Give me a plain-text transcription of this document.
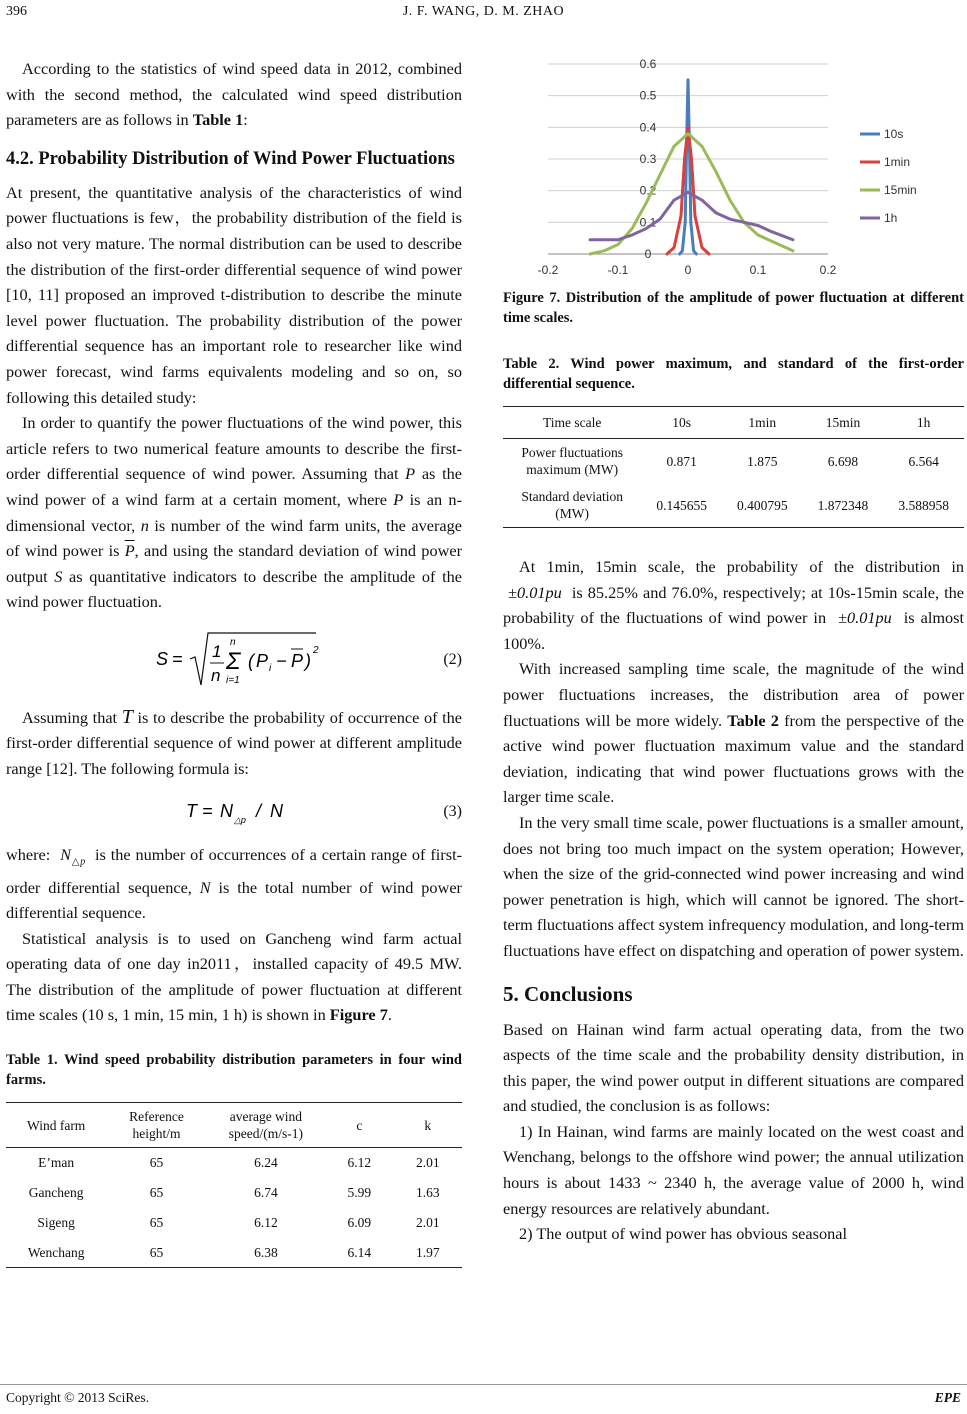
396	J. F. WANG, D. M. ZHAO

According to the statistics of wind speed data in 2012, combined with the second method, the calculated wind speed distribution parameters are as follows in Table 1:

4.2. Probability Distribution of Wind Power Fluctuations

At present, the quantitative analysis of the characteristics of wind power fluctuations is few，the probability distribution of the field is also not very mature. The normal distribution can be used to describe the distribution of the first-order differential sequence of wind power [10, 11] proposed an improved t-distribution to describe the minute level power fluctuation. The probability distribution of the power differential sequence has an important role to researcher like wind power forecast, wind farms equivalents modeling and so on, so following this detailed study:

In order to quantify the power fluctuations of the wind power, this article refers to two numerical feature amounts to describe the first-order differential sequence of wind power. Assuming that P as the wind power of a wind farm at a certain moment, where P is an n-dimensional vector, n is number of the wind farm units, the average of wind power is $\overline{P}$, and using the standard deviation of wind power output S as quantitative indicators to describe the amplitude of the wind power fluctuation.

S = 1
n
n
Σ
i=1
( P i − P )
2
(2)

Assuming that T is to describe the probability of occurrence of the first-order differential sequence of wind power at different amplitude range [12]. The following formula is:

T = N △p / N	(3)

where: $N_{\triangle p}$ is the number of occurrences of a certain range of first-order differential sequence, N is the total number of wind power differential sequence.

Statistical analysis is to used on Gancheng wind farm actual operating data of one day in2011，installed capacity of 49.5 MW. The distribution of the amplitude of power fluctuation at different time scales (10 s, 1 min, 15 min, 1 h) is shown in Figure 7.

Table 1. Wind speed probability distribution parameters in four wind farms.
Wind farm	Reference height/m	average wind speed/(m/s-1)	c	k
E’man	65	6.24	6.12	2.01
Gancheng	65	6.74	5.99	1.63
Sigeng	65	6.12	6.09	2.01
Wenchang	65	6.38	6.14	1.97
0
0.1
0.2
0.3
0.4
0.5
0.6
-0.2	-0.1	0	0.1	0.2
10s
1min
15min
1h
Figure 7. Distribution of the amplitude of power fluctuation at different time scales.
Table 2. Wind power maximum, and standard of the first-order differential sequence.
Time scale	10s	1min	15min	1h
Power fluctuations maximum (MW)	0.871	1.875	6.698	6.564
Standard deviation (MW)	0.145655	0.400795	1.872348	3.588958

At 1min, 15min scale, the probability of the distribution in  ±0.01pu is 85.25% and 76.0%, respectively; at 10s-15min scale, the probability of the fluctuations of wind power in ±0.01pu is almost 100%.

With increased sampling time scale, the magnitude of the wind power fluctuations increases, the distribution area of power fluctuations will be more widely. Table 2 from the perspective of the active wind power fluctuation maximum value and the standard deviation, indicating that wind power fluctuations grows with the larger time scale.

In the very small time scale, power fluctuations is a smaller amount, does not bring too much impact on the system operation; However, when the size of the grid-connected wind power increasing and wind power penetration is high, which will cannot be ignored. The short-term fluctuations affect system infrequency modulation, and long-term fluctuations have effect on dispatching and operation of power system.

5. Conclusions

Based on Hainan wind farm actual operating data, from the two aspects of the time scale and the probability density distribution, in this paper, the wind power output in different situations are compared and studied, the conclusion is as follows:

1) In Hainan, wind farms are mainly located on the west coast and Wenchang, belongs to the offshore wind power; the annual utilization hours is about 1433 ~ 2340 h, the average value of 2000 h, wind energy resources are relatively abundant.

2) The output of wind power has obvious seasonal

Copyright © 2013 SciRes.	EPE
